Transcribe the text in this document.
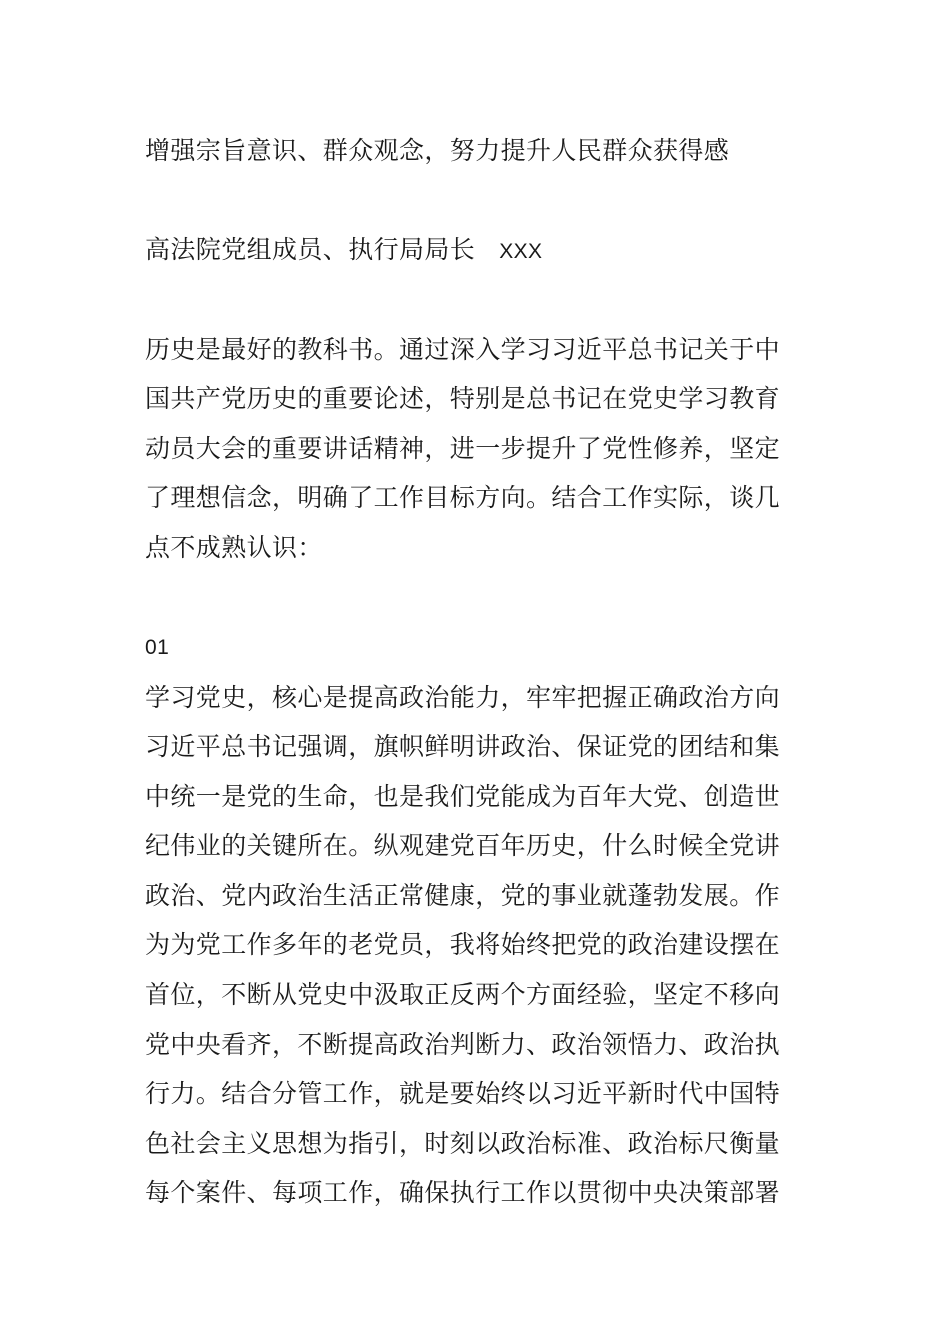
增强宗旨意识、群众观念，努力提升人民群众获得感
高法院党组成员、执行局局长 XXX
历史是最好的教科书。通过深入学习习近平总书记关于中
国共产党历史的重要论述，特别是总书记在党史学习教育
动员大会的重要讲话精神，进一步提升了党性修养，坚定
了理想信念，明确了工作目标方向。结合工作实际，谈几
点不成熟认识：
01
学习党史，核心是提高政治能力，牢牢把握正确政治方向
习近平总书记强调，旗帜鲜明讲政治、保证党的团结和集
中统一是党的生命，也是我们党能成为百年大党、创造世
纪伟业的关键所在。纵观建党百年历史，什么时候全党讲
政治、党内政治生活正常健康，党的事业就蓬勃发展。作
为为党工作多年的老党员，我将始终把党的政治建设摆在
首位，不断从党史中汲取正反两个方面经验，坚定不移向
党中央看齐，不断提高政治判断力、政治领悟力、政治执
行力。结合分管工作，就是要始终以习近平新时代中国特
色社会主义思想为指引，时刻以政治标准、政治标尺衡量
每个案件、每项工作，确保执行工作以贯彻中央决策部署
